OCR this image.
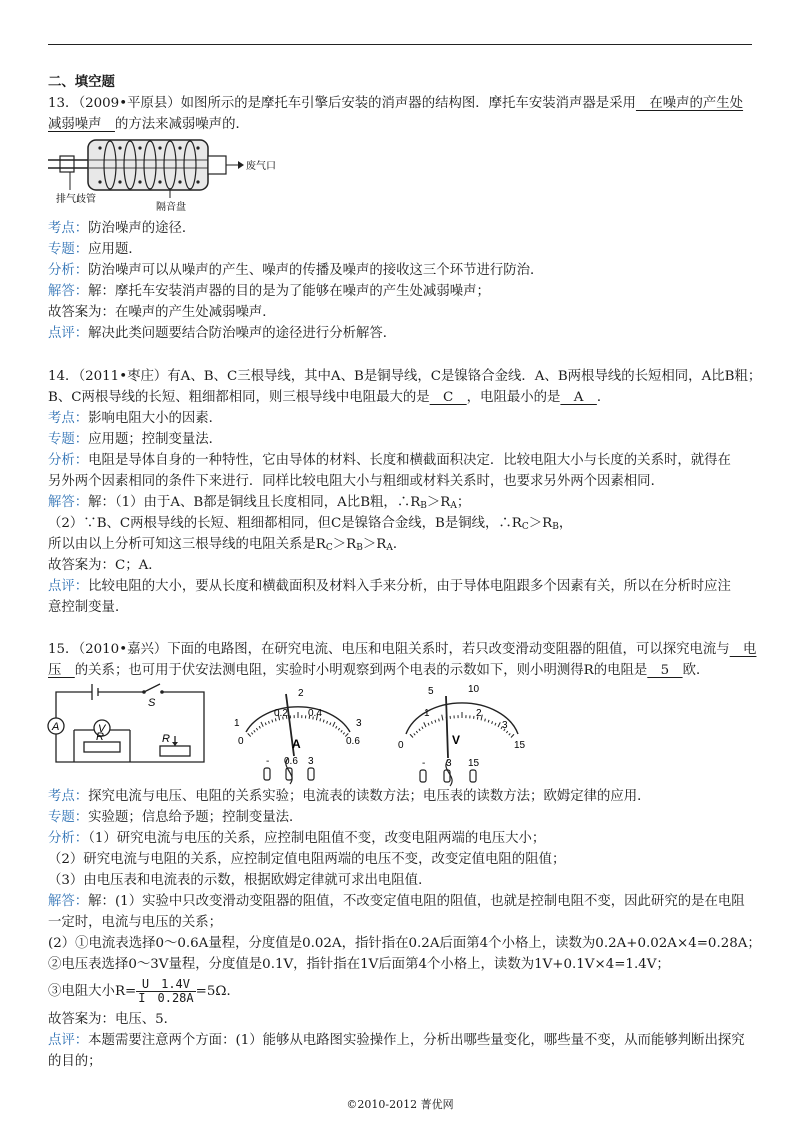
二、填空题
13．（2009•平原县）如图所示的是摩托车引擎后安装的消声器的结构图．摩托车安装消声器是采用　在噪声的产生处
减弱噪声　的方法来减弱噪声的．
废气口
排气歧管
隔音盘
考点：防治噪声的途径．
专题：应用题．
分析：防治噪声可以从噪声的产生、噪声的传播及噪声的接收这三个环节进行防治．
解答：解：摩托车安装消声器的目的是为了能够在噪声的产生处减弱噪声；
故答案为：在噪声的产生处减弱噪声．
点评：解决此类问题要结合防治噪声的途径进行分析解答．
14．（2011•枣庄）有A、B、C三根导线，其中A、B是铜导线，C是镍铬合金线．A、B两根导线的长短相同，A比B粗；
B、C两根导线的长短、粗细都相同，则三根导线中电阻最大的是　C　，电阻最小的是　A　．
考点：影响电阻大小的因素．
专题：应用题；控制变量法．
分析：电阻是导体自身的一种特性，它由导体的材料、长度和横截面积决定．比较电阻大小与长度的关系时，就得在
另外两个因素相同的条件下来进行．同样比较电阻大小与粗细或材料关系时，也要求另外两个因素相同．
解答：解：（1）由于A、B都是铜线且长度相同，A比B粗，$\therefore R_B>R_A$；
（2）∵B、C两根导线的长短、粗细都相同，但C是镍铬合金线，B是铜线，$\therefore R_C>R_B$，
所以由以上分析可知这三根导线的电阻关系是$R_C>R_B>R_A$．
故答案为：C；A．
点评：比较电阻的大小，要从长度和横截面积及材料入手来分析，由于导体电阻跟多个因素有关，所以在分析时应注
意控制变量．
15．（2010•嘉兴）下面的电路图，在研究电流、电压和电阻关系时，若只改变滑动变阻器的阻值，可以探究电流与　电
压　的关系；也可用于伏安法测电阻，实验时小明观察到两个电表的示数如下，则小明测得R的电阻是　5　欧．
S
A	V
R	R
1	3
0
0.2 0.4
0.6
2
A
- 0.6 3
0
5	10
15
1	2
3
V
- 3 15
考点：探究电流与电压、电阻的关系实验；电流表的读数方法；电压表的读数方法；欧姆定律的应用．
专题：实验题；信息给予题；控制变量法．
分析：（1）研究电流与电压的关系，应控制电阻值不变，改变电阻两端的电压大小；
（2）研究电流与电阻的关系，应控制定值电阻两端的电压不变，改变定值电阻的阻值；
（3）由电压表和电流表的示数，根据欧姆定律就可求出电阻值．
解答：解：(1）实验中只改变滑动变阻器的阻值，不改变定值电阻的阻值，也就是控制电阻不变，因此研究的是在电阻
一定时，电流与电压的关系；
(2）①电流表选择0～0.6A量程，分度值是0.02A，指针指在0.2A后面第4个小格上，读数为0.2A+0.02A×4=0.28A；
②电压表选择0～3V量程，分度值是0.1V，指针指在1V后面第4个小格上，读数为1V+0.1V×4=1.4V；
③电阻大小$R= \frac{U 1.4V}{I 0.28A} =5\Omega$．
故答案为：电压、5．
点评：本题需要注意两个方面：(1）能够从电路图实验操作上，分析出哪些量变化，哪些量不变，从而能够判断出探究
的目的；
©2010-2012 菁优网
